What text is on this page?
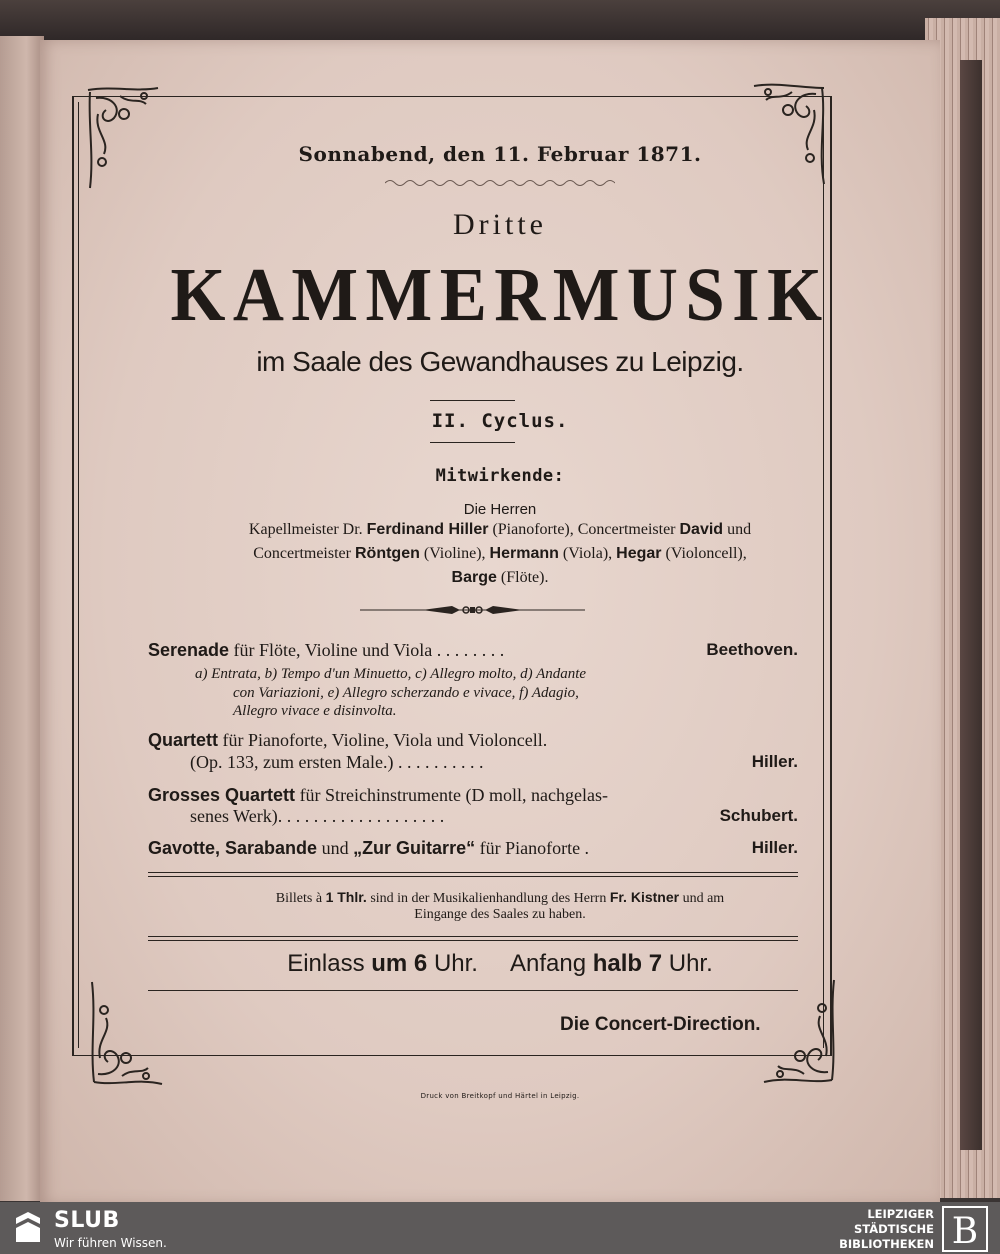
Sonnabend, den 11. Februar 1871.
Dritte
KAMMERMUSIK
im Saale des Gewandhauses zu Leipzig.
II. Cyclus.
Mitwirkende:
Die Herren
Kapellmeister Dr. Ferdinand Hiller (Pianoforte), Concertmeister David und
Concertmeister Röntgen (Violine), Hermann (Viola), Hegar (Violoncell),
Barge (Flöte).
Serenade für Flöte, Violine und Viola . . . . . . . .	Beethoven.
a) Entrata, b) Tempo d'un Minuetto, c) Allegro molto, d) Andante
con Variazioni, e) Allegro scherzando e vivace, f) Adagio,
Allegro vivace e disinvolta.
Quartett für Pianoforte, Violine, Viola und Violoncell.
(Op. 133, zum ersten Male.) . . . . . . . . . .	Hiller.
Grosses Quartett für Streichinstrumente (D moll, nachgelas-
senes Werk). . . . . . . . . . . . . . . . . . .	Schubert.
Gavotte, Sarabande und „Zur Guitarre“ für Pianoforte .	Hiller.
Billets à 1 Thlr. sind in der Musikalienhandlung des Herrn Fr. Kistner und am
Eingange des Saales zu haben.
Einlass um 6 Uhr. Anfang halb 7 Uhr.
Die Concert-Direction.
Druck von Breitkopf und Härtel in Leipzig.
SLUB
Wir führen Wissen.
LEIPZIGER
STÄDTISCHE
BIBLIOTHEKEN B
